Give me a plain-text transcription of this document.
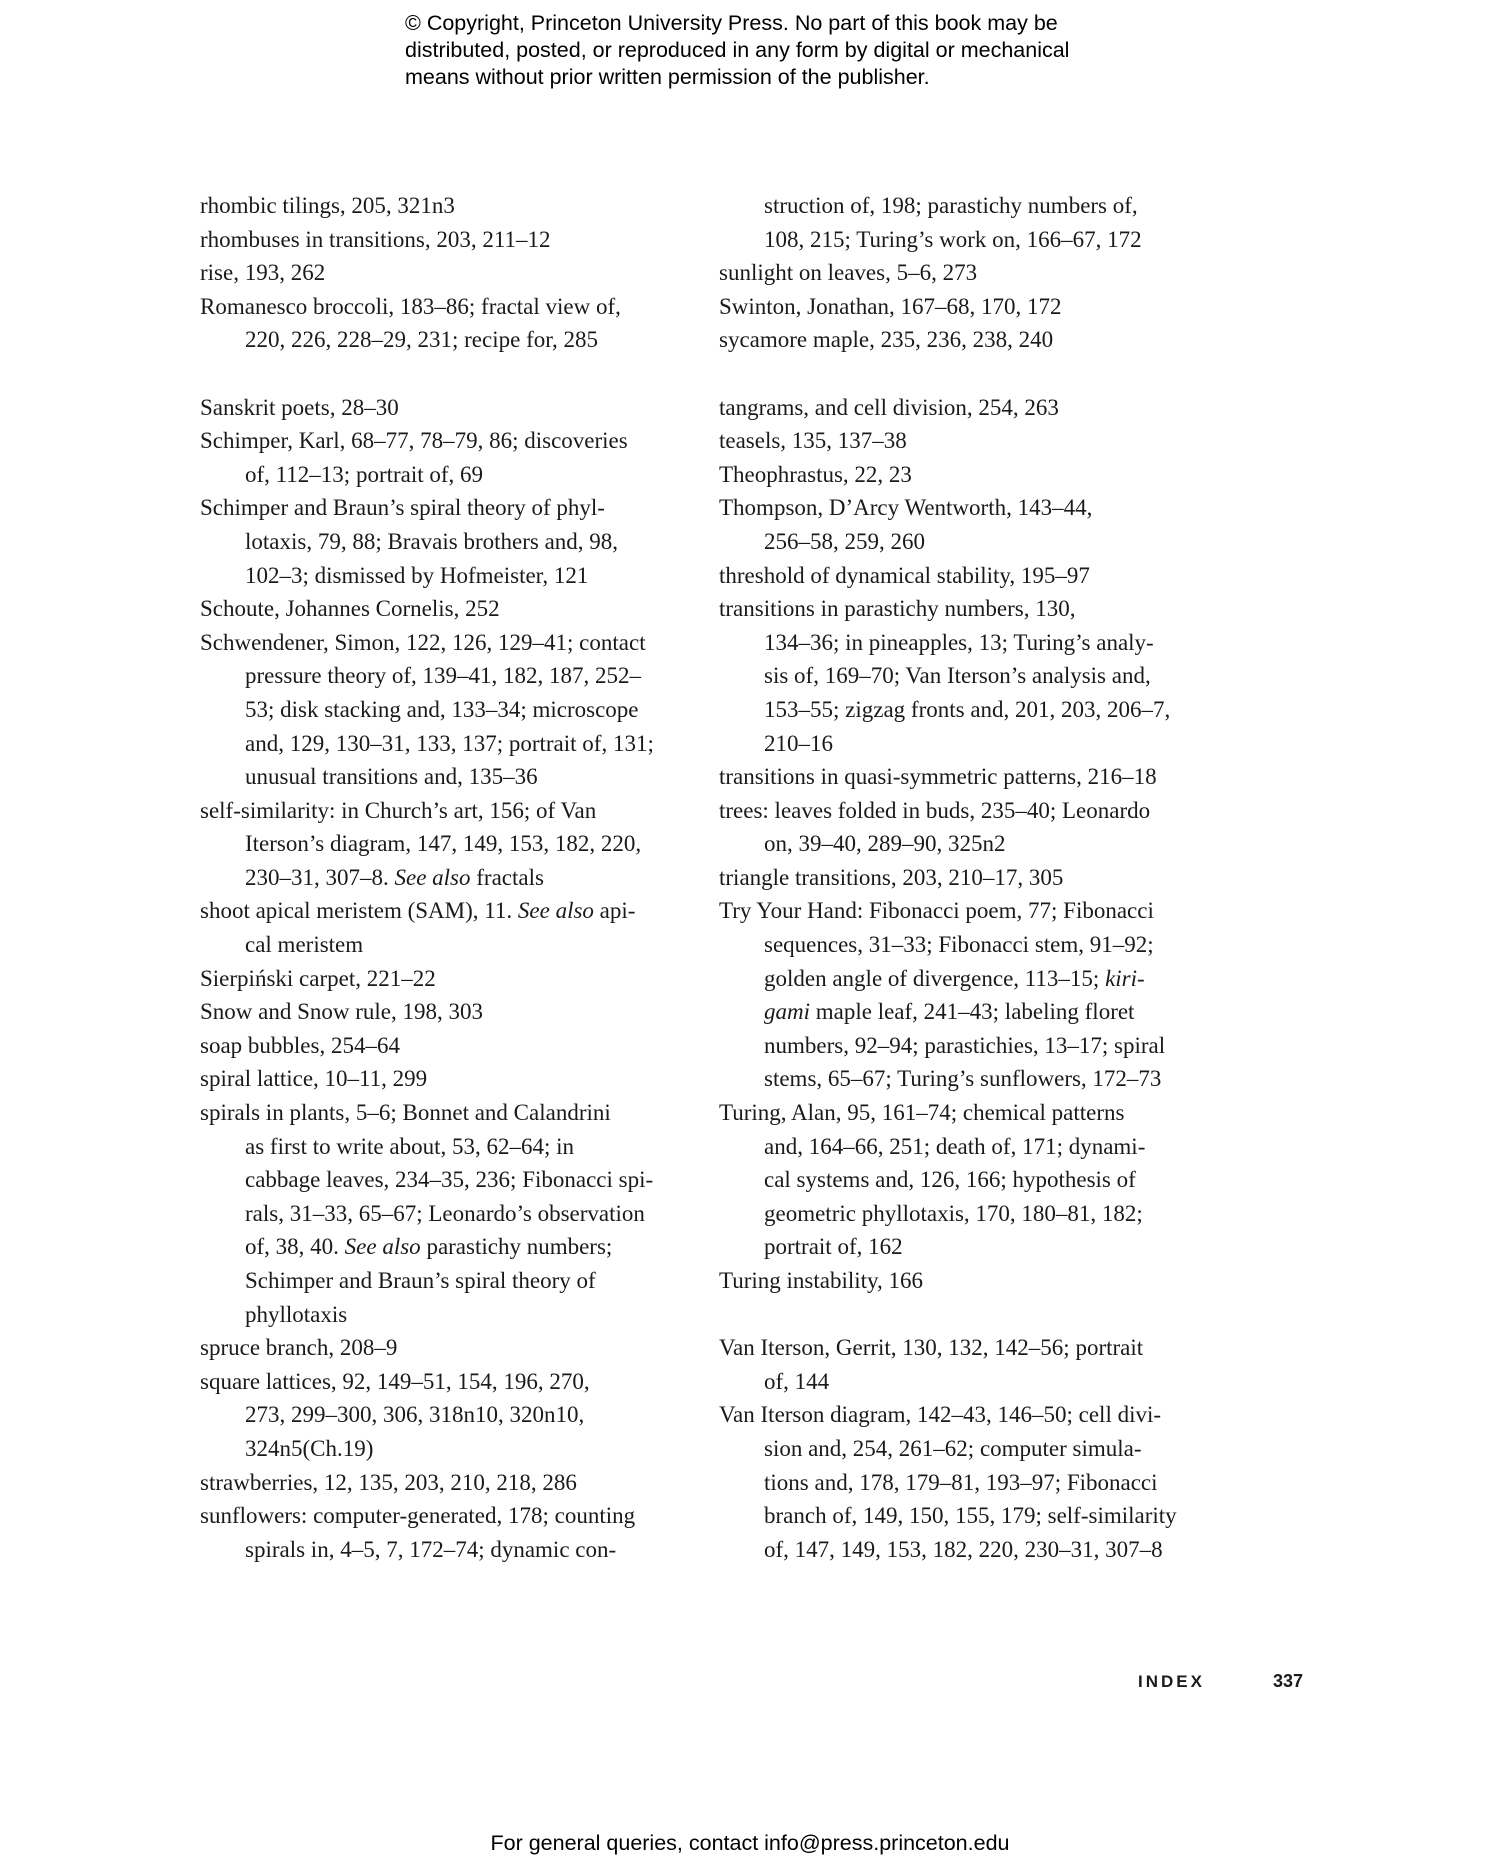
© Copyright, Princeton University Press. No part of this book may be
distributed, posted, or reproduced in any form by digital or mechanical
means without prior written permission of the publisher.
rhombic tilings, 205, 321n3
rhombuses in transitions, 203, 211–12
rise, 193, 262
Romanesco broccoli, 183–86; fractal view of,
220, 226, 228–29, 231; recipe for, 285
Sanskrit poets, 28–30
Schimper, Karl, 68–77, 78–79, 86; discoveries
of, 112–13; portrait of, 69
Schimper and Braun’s spiral theory of phyl-
lotaxis, 79, 88; Bravais brothers and, 98,
102–3; dismissed by Hofmeister, 121
Schoute, Johannes Cornelis, 252
Schwendener, Simon, 122, 126, 129–41; contact
pressure theory of, 139–41, 182, 187, 252–
53; disk stacking and, 133–34; microscope
and, 129, 130–31, 133, 137; portrait of, 131;
unusual transitions and, 135–36
self-similarity: in Church’s art, 156; of Van
Iterson’s diagram, 147, 149, 153, 182, 220,
230–31, 307–8. See also fractals
shoot apical meristem (SAM), 11. See also api-
cal meristem
Sierpiński carpet, 221–22
Snow and Snow rule, 198, 303
soap bubbles, 254–64
spiral lattice, 10–11, 299
spirals in plants, 5–6; Bonnet and Calandrini
as first to write about, 53, 62–64; in
cabbage leaves, 234–35, 236; Fibonacci spi-
rals, 31–33, 65–67; Leonardo’s observation
of, 38, 40. See also parastichy numbers;
Schimper and Braun’s spiral theory of
phyllotaxis
spruce branch, 208–9
square lattices, 92, 149–51, 154, 196, 270,
273, 299–300, 306, 318n10, 320n10,
324n5(Ch.19)
strawberries, 12, 135, 203, 210, 218, 286
sunflowers: computer-generated, 178; counting
spirals in, 4–5, 7, 172–74; dynamic con-
struction of, 198; parastichy numbers of,
108, 215; Turing’s work on, 166–67, 172
sunlight on leaves, 5–6, 273
Swinton, Jonathan, 167–68, 170, 172
sycamore maple, 235, 236, 238, 240
tangrams, and cell division, 254, 263
teasels, 135, 137–38
Theophrastus, 22, 23
Thompson, D’Arcy Wentworth, 143–44,
256–58, 259, 260
threshold of dynamical stability, 195–97
transitions in parastichy numbers, 130,
134–36; in pineapples, 13; Turing’s analy-
sis of, 169–70; Van Iterson’s analysis and,
153–55; zigzag fronts and, 201, 203, 206–7,
210–16
transitions in quasi-symmetric patterns, 216–18
trees: leaves folded in buds, 235–40; Leonardo
on, 39–40, 289–90, 325n2
triangle transitions, 203, 210–17, 305
Try Your Hand: Fibonacci poem, 77; Fibonacci
sequences, 31–33; Fibonacci stem, 91–92;
golden angle of divergence, 113–15; kiri-
gami maple leaf, 241–43; labeling floret
numbers, 92–94; parastichies, 13–17; spiral
stems, 65–67; Turing’s sunflowers, 172–73
Turing, Alan, 95, 161–74; chemical patterns
and, 164–66, 251; death of, 171; dynami-
cal systems and, 126, 166; hypothesis of
geometric phyllotaxis, 170, 180–81, 182;
portrait of, 162
Turing instability, 166
Van Iterson, Gerrit, 130, 132, 142–56; portrait
of, 144
Van Iterson diagram, 142–43, 146–50; cell divi-
sion and, 254, 261–62; computer simula-
tions and, 178, 179–81, 193–97; Fibonacci
branch of, 149, 150, 155, 179; self-similarity
of, 147, 149, 153, 182, 220, 230–31, 307–8
INDEX	337
For general queries, contact info@press.princeton.edu
